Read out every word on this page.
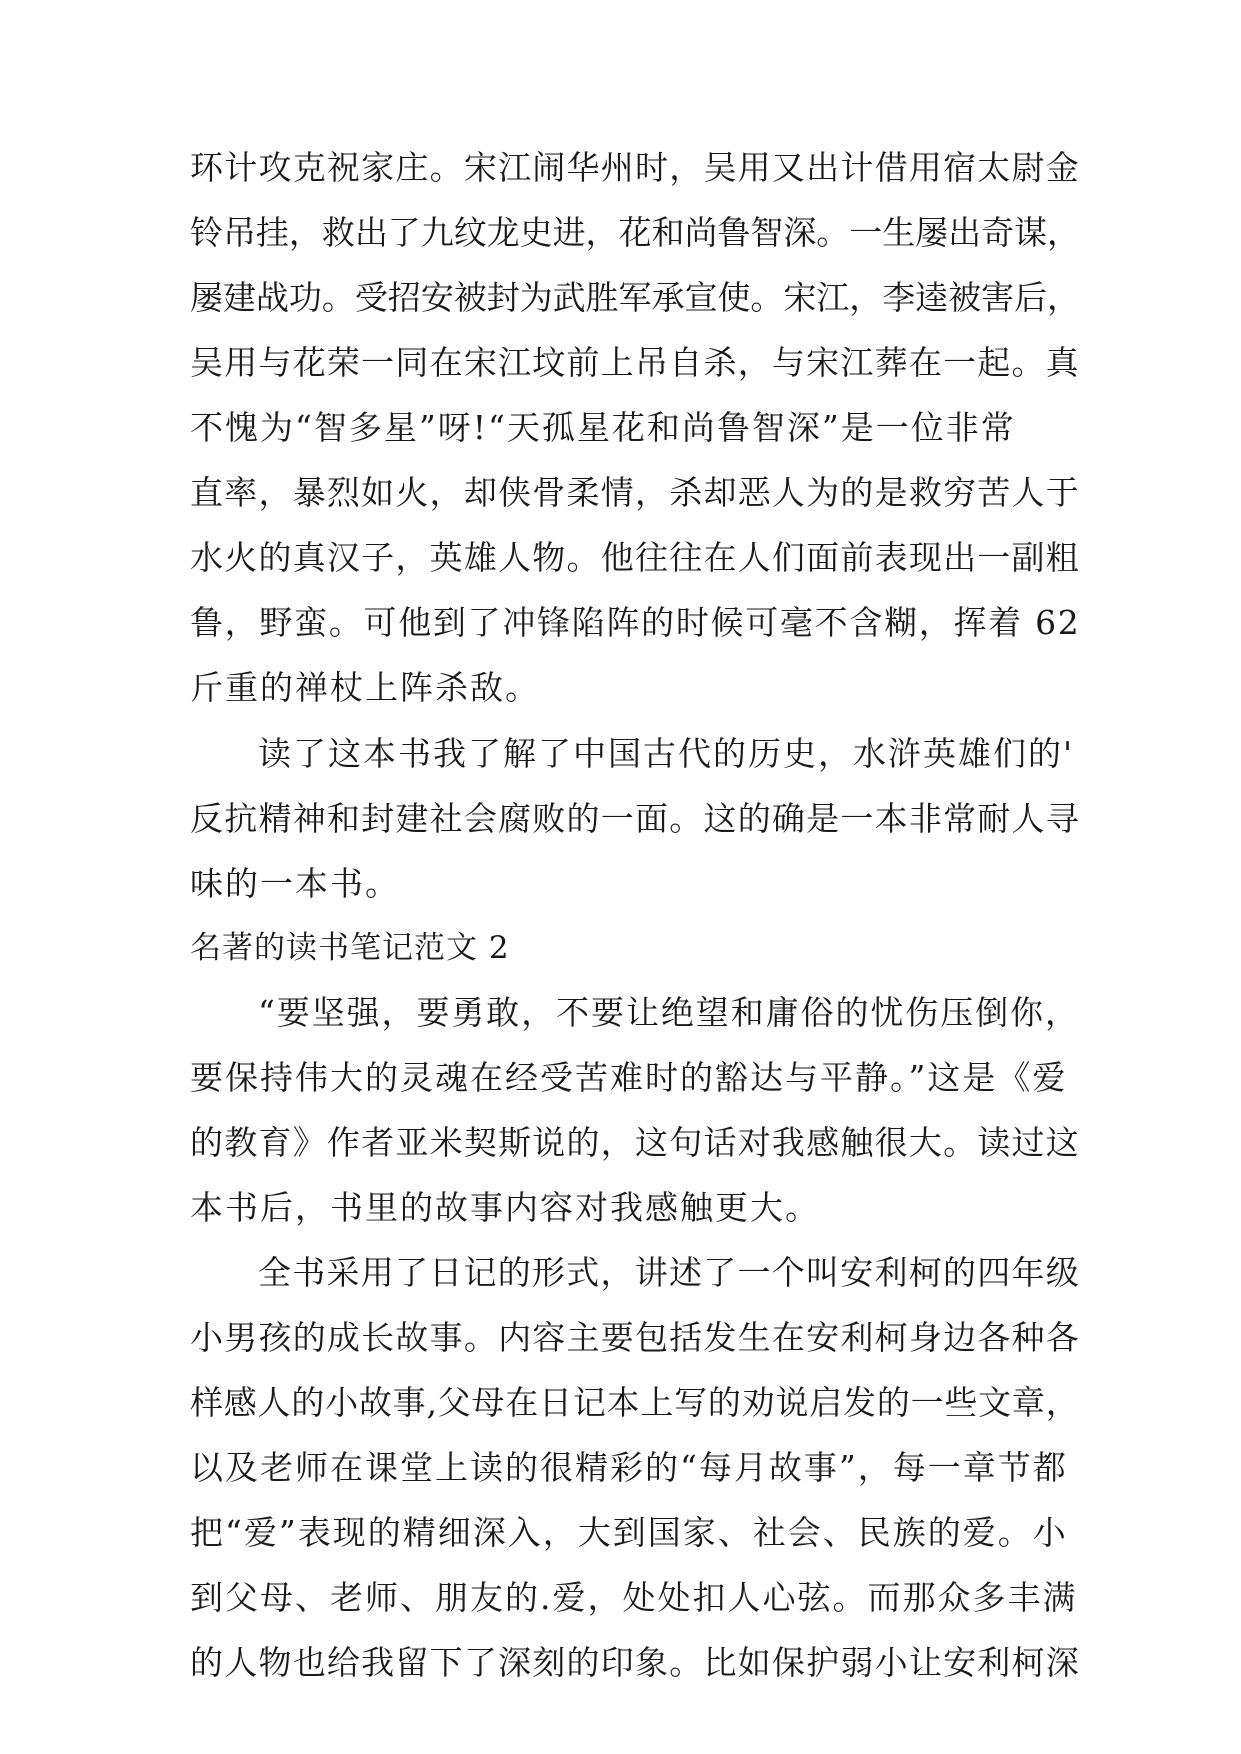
环计攻克祝家庄。宋江闹华州时，吴用又出计借用宿太尉金
铃吊挂，救出了九纹龙史进，花和尚鲁智深。一生屡出奇谋，
屡建战功。受招安被封为武胜军承宣使。宋江，李逵被害后，
吴用与花荣一同在宋江坟前上吊自杀，与宋江葬在一起。真
不愧为“智多星”呀!“天孤星花和尚鲁智深”是一位非常
直率，暴烈如火，却侠骨柔情，杀却恶人为的是救穷苦人于
水火的真汉子，英雄人物。他往往在人们面前表现出一副粗
鲁，野蛮。可他到了冲锋陷阵的时候可毫不含糊，挥着 62
斤重的禅杖上阵杀敌。
读了这本书我了解了中国古代的历史，水浒英雄们的'
反抗精神和封建社会腐败的一面。这的确是一本非常耐人寻
味的一本书。
名著的读书笔记范文 2
“要坚强，要勇敢，不要让绝望和庸俗的忧伤压倒你，
要保持伟大的灵魂在经受苦难时的豁达与平静。”这是《爱
的教育》作者亚米契斯说的，这句话对我感触很大。读过这
本书后，书里的故事内容对我感触更大。
全书采用了日记的形式，讲述了一个叫安利柯的四年级
小男孩的成长故事。内容主要包括发生在安利柯身边各种各
样感人的小故事,父母在日记本上写的劝说启发的一些文章，
以及老师在课堂上读的很精彩的“每月故事”，每一章节都
把“爱”表现的精细深入，大到国家、社会、民族的爱。小
到父母、老师、朋友的.爱，处处扣人心弦。而那众多丰满
的人物也给我留下了深刻的印象。比如保护弱小让安利柯深
